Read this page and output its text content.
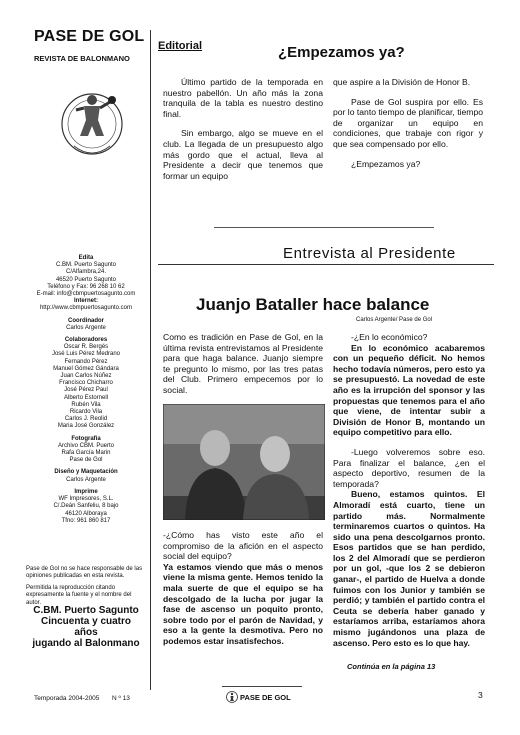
PASE DE GOL
REVISTA DE BALONMANO
Edita
C.BM. Puerto Sagunto
C/Alfambra,24.
46520 Puerto Sagunto
Teléfono y Fax: 96 268 10 62
E-mail: info@cbmpuertosagunto.com
Internet:
http://www.cbmpuertosagunto.com
Coordinador
Carlos Argente
Colaboradores
Oscar R. Bergés
José Luis Pérez Medrano
Fernando Pérez
Manuel Gómez Gándara
Juan Carlos Núñez
Francisco Chicharro
José Pérez Paul
Alberto Estornell
Rubén Vila
Ricardo Vila
Carlos J. Reolid
Maria José González
Fotografía
Archivo CBM. Puerto
Rafa García Marin
Pase de Gol
Diseño y Maquetación
Carlos Argente
Imprime
WF Impresores, S.L.
C/.Deán Sanfeliu, 8 bajo
46120 Alboraya
Tfno: 961 860 817
Pase de Gol no se hace responsable de las opiniones publicadas en esta revista.
Permitida la reproducción citando expresamente la fuente y el nombre del autor.
C.BM. Puerto Sagunto
Cincuenta y cuatro
años
jugando al Balonmano
Temporada 2004-2005 N º 13
Editorial	¿Empezamos ya?

Último partido de la temporada en nuestro pabellón. Un año más la zona tranquila de la tabla es nuestro destino final.

Sin embargo, algo se mueve en el club. La llegada de un presupuesto algo más gordo que el actual, lleva al Presidente a decir que tenemos que formar un equipo

que aspire a la División de Honor B.

Pase de Gol suspira por ello. Es por lo tanto tiempo de planificar, tiempo de organizar un equipo en condiciones, que trabaje con rigor y que sea compensado por ello.

¿Empezamos ya?

Entrevista al Presidente
Juanjo Bataller hace balance
Carlos Argente/ Pase de Gol

Como es tradición en Pase de Gol, en la última revista entrevistamos al Presidente para que haga balance. Juanjo siempre te pregunto lo mismo, por las tres patas del Club. Primero empecemos por lo social.

-¿Cómo has visto este año el compromiso de la afición en el aspecto social del equipo?

Ya estamos viendo que más o menos viene la misma gente. Hemos tenido la mala suerte de que el equipo se ha descolgado de la lucha por jugar la fase de ascenso un poquito pronto, sobre todo por el parón de Navidad, y eso a la gente la desmotiva. Pero no podemos estar insatisfechos.

-¿En lo económico?

En lo económico acabaremos con un pequeño déficit. No hemos hecho todavía números, pero esto ya se presupuestó. La novedad de este año es la irrupción del sponsor y las propuestas que tenemos para el año que viene, de intentar subir a División de Honor B, montando un equipo competitivo para ello.

-Luego volveremos sobre eso. Para finalizar el balance, ¿en el aspecto deportivo, resumen de la temporada?

Bueno, estamos quintos. El Almoradí está cuarto, tiene un partido más. Normalmente terminaremos cuartos o quintos. Ha sido una pena descolgarnos pronto. Esos partidos que se han perdido, los 2 del Almoradí que se perdieron por un gol, -que los 2 se debieron ganar-, el partido de Huelva a donde fuimos con los Junior y también se perdió; y también el partido contra el Ceuta se debería haber ganado y estaríamos arriba, estaríamos ahora mismo jugándonos una plaza de ascenso. Pero esto es lo que hay.

Continúa en la página 13
PASE DE GOL	3
